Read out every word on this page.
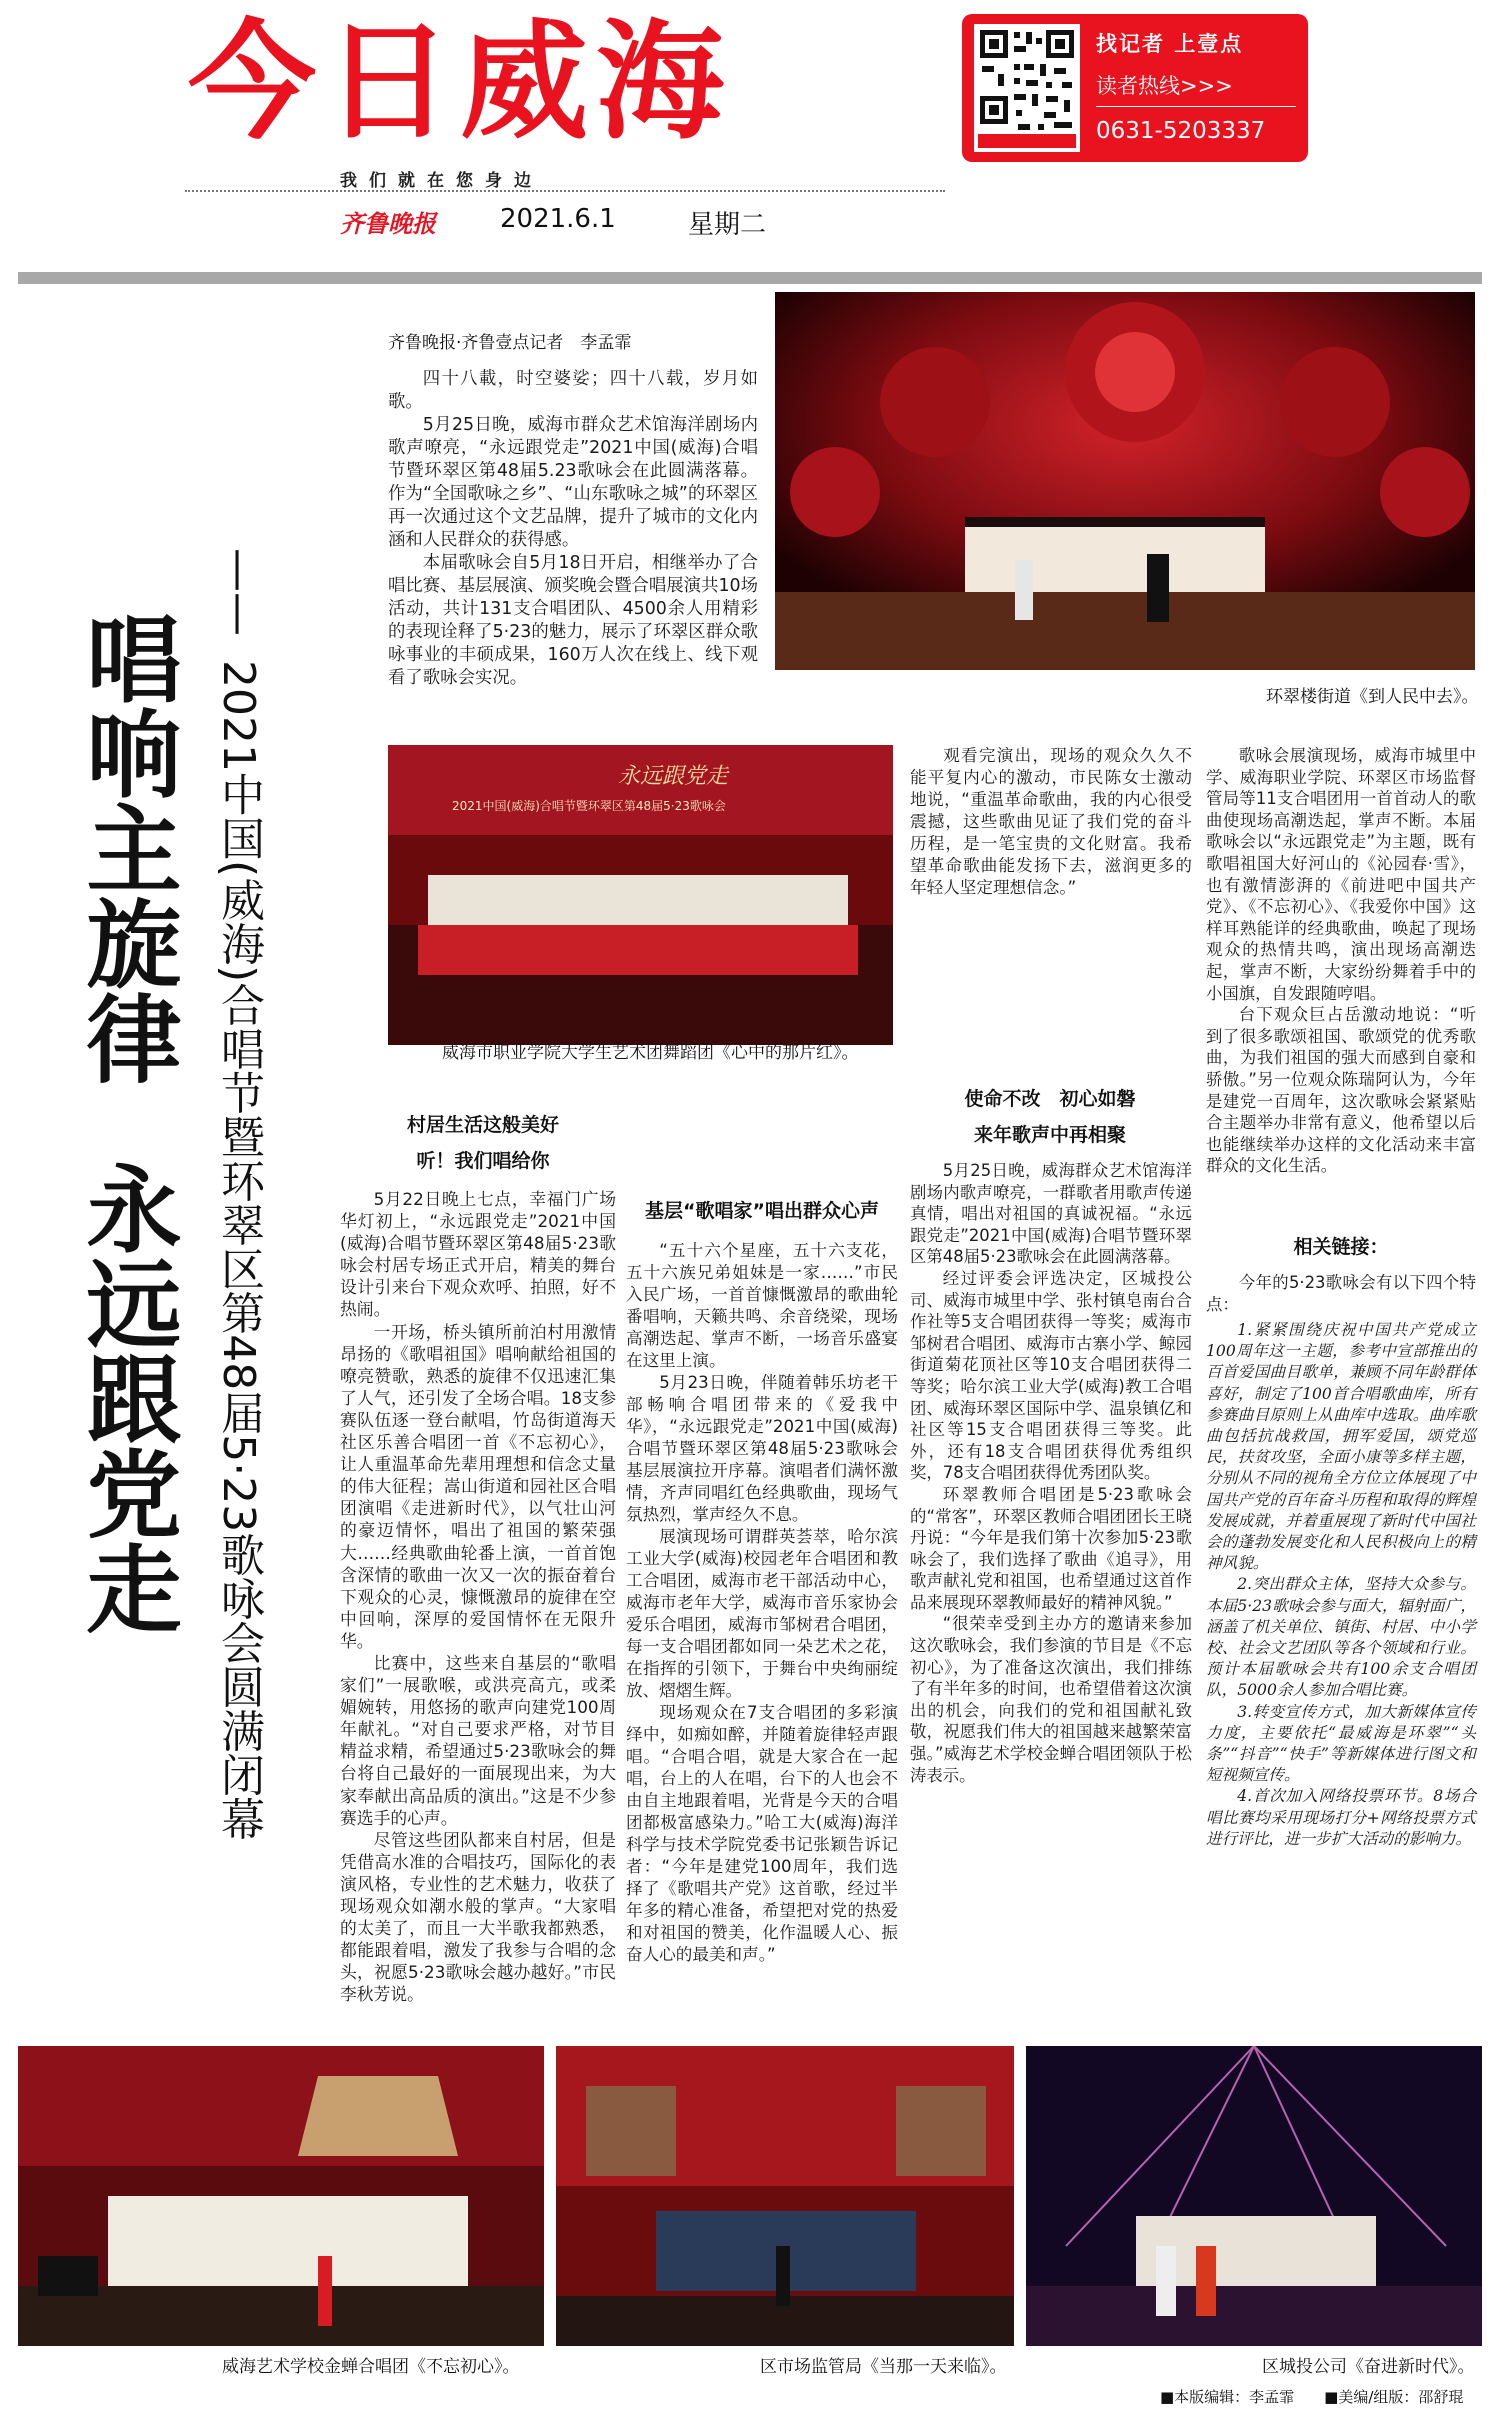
今日威海
我们就在您身边
齐鲁晚报 2021.6.1	星期二
找记者 上壹点
读者热线>>>
0631-5203337
唱响主旋律
永远跟党走
——
2021中国(威海)合唱节暨环翠区第48届5·23歌咏会圆满闭幕
齐鲁晚报·齐鲁壹点记者　李孟霏

四十八載，时空婆娑；四十八载，岁月如歌。

5月25日晚，威海市群众艺术馆海洋剧场内歌声嘹亮，“永远跟党走”2021中国(威海)合唱节暨环翠区第48届5.23歌咏会在此圆满落幕。作为“全国歌咏之乡”、“山东歌咏之城”的环翠区再一次通过这个文艺品牌，提升了城市的文化内涵和人民群众的获得感。

本届歌咏会自5月18日开启，相继举办了合唱比赛、基层展演、颁奖晚会暨合唱展演共10场活动，共计131支合唱团队、4500余人用精彩的表现诠释了5·23的魅力，展示了环翠区群众歌咏事业的丰硕成果，160万人次在线上、线下观看了歌咏会实况。

环翠楼街道《到人民中去》。
永远跟党走
2021中国(威海)合唱节暨环翠区第48届5·23歌咏会
威海市职业学院大学生艺术团舞蹈团《心中的那片红》。
村居生活这般美好
听！我们唱给你

5月22日晚上七点，幸福门广场华灯初上，“永远跟党走”2021中国(威海)合唱节暨环翠区第48届5·23歌咏会村居专场正式开启，精美的舞台设计引来台下观众欢呼、拍照，好不热闹。

一开场，桥头镇所前泊村用激情昂扬的《歌唱祖国》唱响献给祖国的嘹亮赞歌，熟悉的旋律不仅迅速汇集了人气，还引发了全场合唱。18支参赛队伍逐一登台献唱，竹岛街道海天社区乐善合唱团一首《不忘初心》，让人重温革命先辈用理想和信念丈量的伟大征程；嵩山街道和园社区合唱团演唱《走进新时代》，以气壮山河的豪迈情怀，唱出了祖国的繁荣强大……经典歌曲轮番上演，一首首饱含深情的歌曲一次又一次的振奋着台下观众的心灵，慷慨激昂的旋律在空中回响，深厚的爱国情怀在无限升华。

比赛中，这些来自基层的“歌唱家们”一展歌喉，或洪亮高亢，或柔媚婉转，用悠扬的歌声向建党100周年献礼。“对自己要求严格，对节目精益求精，希望通过5·23歌咏会的舞台将自己最好的一面展现出来，为大家奉献出高品质的演出。”这是不少参赛选手的心声。

尽管这些团队都来自村居，但是凭借高水准的合唱技巧，国际化的表演风格，专业性的艺术魅力，收获了现场观众如潮水般的掌声。“大家唱的太美了，而且一大半歌我都熟悉，都能跟着唱，激发了我参与合唱的念头，祝愿5·23歌咏会越办越好。”市民李秋芳说。

基层“歌唱家”唱出群众心声

“五十六个星座，五十六支花，五十六族兄弟姐妹是一家……”市民入民广场，一首首慷慨激昂的歌曲轮番唱响，天籁共鸣、余音绕梁，现场高潮迭起、掌声不断，一场音乐盛宴在这里上演。

5月23日晚，伴随着韩乐坊老干部畅响合唱团带来的《爱我中华》，“永远跟党走”2021中国(威海)合唱节暨环翠区第48届5·23歌咏会基层展演拉开序幕。演唱者们满怀激情，齐声同唱红色经典歌曲，现场气氛热烈，掌声经久不息。

展演现场可谓群英荟萃，哈尔滨工业大学(威海)校园老年合唱团和教工合唱团，威海市老干部活动中心，威海市老年大学，威海市音乐家协会爱乐合唱团，威海市邹树君合唱团，每一支合唱团都如同一朵艺术之花，在指挥的引领下，于舞台中央绚丽绽放、熠熠生辉。

现场观众在7支合唱团的多彩演绎中，如痴如醉，并随着旋律轻声跟唱。“合唱合唱，就是大家合在一起唱，台上的人在唱，台下的人也会不由自主地跟着唱，光背是今天的合唱团都极富感染力。”哈工大(威海)海洋科学与技术学院党委书记张颖告诉记者：“今年是建党100周年，我们选择了《歌唱共产党》这首歌，经过半年多的精心准备，希望把对党的热爱和对祖国的赞美，化作温暖人心、振奋人心的最美和声。”

观看完演出，现场的观众久久不能平复内心的激动，市民陈女士激动地说，“重温革命歌曲，我的内心很受震撼，这些歌曲见证了我们党的奋斗历程，是一笔宝贵的文化财富。我希望革命歌曲能发扬下去，滋润更多的年轻人坚定理想信念。”

使命不改　初心如磐
来年歌声中再相聚

5月25日晚，威海群众艺术馆海洋剧场内歌声嘹亮，一群歌者用歌声传递真情，唱出对祖国的真诚祝福。“永远跟党走”2021中国(威海)合唱节暨环翠区第48届5·23歌咏会在此圆满落幕。

经过评委会评选决定，区城投公司、威海市城里中学、张村镇皂南台合作社等5支合唱团获得一等奖；威海市邹树君合唱团、威海市古寨小学、鲸园街道菊花顶社区等10支合唱团获得二等奖；哈尔滨工业大学(威海)教工合唱团、威海环翠区国际中学、温泉镇亿和社区等15支合唱团获得三等奖。此外，还有18支合唱团获得优秀组织奖，78支合唱团获得优秀团队奖。

环翠教师合唱团是5·23歌咏会的“常客”，环翠区教师合唱团团长王晓丹说：“今年是我们第十次参加5·23歌咏会了，我们选择了歌曲《追寻》，用歌声献礼党和祖国，也希望通过这首作品来展现环翠教师最好的精神风貌。”

“很荣幸受到主办方的邀请来参加这次歌咏会，我们参演的节目是《不忘初心》，为了准备这次演出，我们排练了有半年多的时间，也希望借着这次演出的机会，向我们的党和祖国献礼致敬，祝愿我们伟大的祖国越来越繁荣富强。”威海艺术学校金蝉合唱团领队于松涛表示。

歌咏会展演现场，威海市城里中学、威海职业学院、环翠区市场监督管局等11支合唱团用一首首动人的歌曲使现场高潮迭起，掌声不断。本届歌咏会以“永远跟党走”为主题，既有歌唱祖国大好河山的《沁园春·雪》，也有激情澎湃的《前进吧中国共产党》、《不忘初心》、《我爱你中国》这样耳熟能详的经典歌曲，唤起了现场观众的热情共鸣，演出现场高潮迭起，掌声不断，大家纷纷舞着手中的小国旗，自发跟随哼唱。

台下观众巨占岳激动地说：“听到了很多歌颂祖国、歌颂党的优秀歌曲，为我们祖国的强大而感到自豪和骄傲。”另一位观众陈瑞阿认为，今年是建党一百周年，这次歌咏会紧紧贴合主题举办非常有意义，他希望以后也能继续举办这样的文化活动来丰富群众的文化生活。

相关链接：

今年的5·23歌咏会有以下四个特点：

1.紧紧围绕庆祝中国共产党成立100周年这一主题，参考中宣部推出的百首爱国曲目歌单，兼顾不同年龄群体喜好，制定了100首合唱歌曲库，所有参赛曲目原则上从曲库中选取。曲库歌曲包括抗战救国，拥军爱国，颂党巡民，扶贫攻坚，全面小康等多样主题，分别从不同的视角全方位立体展现了中国共产党的百年奋斗历程和取得的辉煌发展成就，并着重展现了新时代中国社会的蓬勃发展变化和人民积极向上的精神风貌。

2.突出群众主体，坚持大众参与。本届5·23歌咏会参与面大，辐射面广，涵盖了机关单位、镇街、村居、中小学校、社会文艺团队等各个领域和行业。预计本届歌咏会共有100余支合唱团队，5000余人参加合唱比赛。

3.转变宣传方式，加大新媒体宣传力度，主要依托“最威海是环翠”“头条”“抖音”“快手”等新媒体进行图文和短视频宣传。

4.首次加入网络投票环节。8场合唱比赛均采用现场打分+网络投票方式进行评比，进一步扩大活动的影响力。

威海艺术学校金蝉合唱团《不忘初心》。	区市场监管局《当那一天来临》。	区城投公司《奋进新时代》。
■本版编辑：李孟霏　　■美编/组版：邵舒琨
